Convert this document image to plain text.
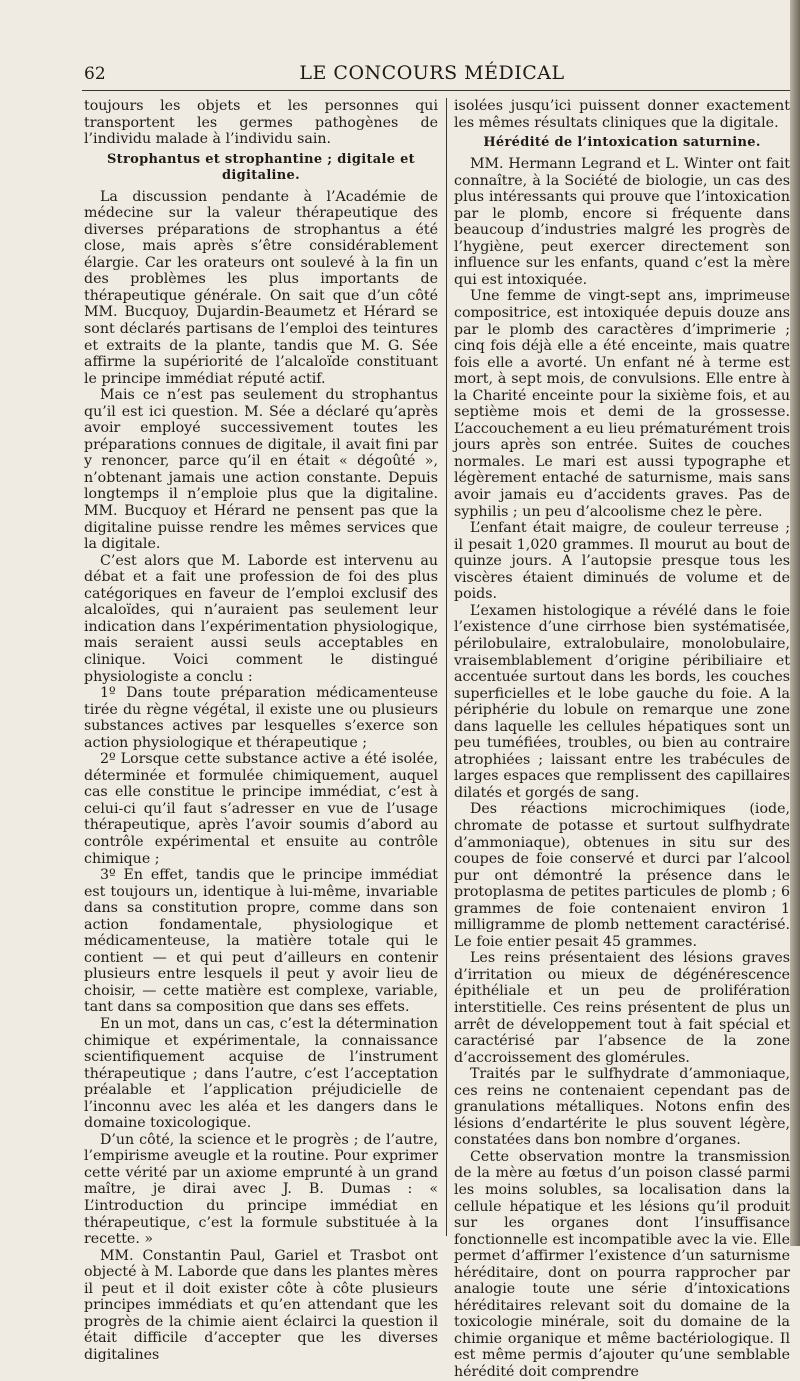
62	LE CONCOURS MÉDICAL

toujours les objets et les personnes qui transportent les germes pathogènes de l’individu malade à l’individu sain.

Strophantus et strophantine ; digitale et digitaline.

La discussion pendante à l’Académie de médecine sur la valeur thérapeutique des diverses préparations de strophantus a été close, mais après s’être considérablement élargie. Car les orateurs ont soulevé à la fin un des problèmes les plus importants de thérapeutique générale. On sait que d’un côté MM. Bucquoy, Dujardin-Beaumetz et Hérard se sont déclarés partisans de l’emploi des teintures et extraits de la plante, tandis que M. G. Sée affirme la supériorité de l’alcaloïde constituant le principe immédiat réputé actif.

Mais ce n’est pas seulement du strophantus qu’il est ici question. M. Sée a déclaré qu’après avoir employé successivement toutes les préparations connues de digitale, il avait fini par y renoncer, parce qu’il en était « dégoûté », n’obtenant jamais une action constante. Depuis longtemps il n’emploie plus que la digitaline. MM. Bucquoy et Hérard ne pensent pas que la digitaline puisse rendre les mêmes services que la digitale.

C’est alors que M. Laborde est intervenu au débat et a fait une profession de foi des plus catégoriques en faveur de l’emploi exclusif des alcaloïdes, qui n’auraient pas seulement leur indication dans l’expérimentation physiologique, mais seraient aussi seuls acceptables en clinique. Voici comment le distingué physiologiste a conclu :

1º Dans toute préparation médicamenteuse tirée du règne végétal, il existe une ou plusieurs substances actives par lesquelles s’exerce son action physiologique et thérapeutique ;

2º Lorsque cette substance active a été isolée, déterminée et formulée chimiquement, auquel cas elle constitue le principe immédiat, c’est à celui-ci qu’il faut s’adresser en vue de l’usage thérapeutique, après l’avoir soumis d’abord au contrôle expérimental et ensuite au contrôle chimique ;

3º En effet, tandis que le principe immédiat est toujours un, identique à lui-même, invariable dans sa constitution propre, comme dans son action fondamentale, physiologique et médicamenteuse, la matière totale qui le contient — et qui peut d’ailleurs en contenir plusieurs entre lesquels il peut y avoir lieu de choisir, — cette matière est complexe, variable, tant dans sa composition que dans ses effets.

En un mot, dans un cas, c’est la détermination chimique et expérimentale, la connaissance scientifiquement acquise de l’instrument thérapeutique ; dans l’autre, c’est l’acceptation préalable et l’application préjudicielle de l’inconnu avec les aléa et les dangers dans le domaine toxicologique.

D’un côté, la science et le progrès ; de l’autre, l’empirisme aveugle et la routine. Pour exprimer cette vérité par un axiome emprunté à un grand maître, je dirai avec J. B. Dumas : « L’introduction du principe immédiat en thérapeutique, c’est la formule substituée à la recette. »

MM. Constantin Paul, Gariel et Trasbot ont objecté à M. Laborde que dans les plantes mères il peut et il doit exister côte à côte plusieurs principes immédiats et qu’en attendant que les progrès de la chimie aient éclairci la question il était difficile d’accepter que les diverses digitalines

isolées jusqu’ici puissent donner exactement les mêmes résultats cliniques que la digitale.

Hérédité de l’intoxication saturnine.

MM. Hermann Legrand et L. Winter ont fait connaître, à la Société de biologie, un cas des plus intéressants qui prouve que l’intoxication par le plomb, encore si fréquente dans beaucoup d’industries malgré les progrès de l’hygiène, peut exercer directement son influence sur les enfants, quand c’est la mère qui est intoxiquée.

Une femme de vingt-sept ans, imprimeuse compositrice, est intoxiquée depuis douze ans par le plomb des caractères d’imprimerie ; cinq fois déjà elle a été enceinte, mais quatre fois elle a avorté. Un enfant né à terme est mort, à sept mois, de convulsions. Elle entre à la Charité enceinte pour la sixième fois, et au septième mois et demi de la grossesse. L’accouchement a eu lieu prématurément trois jours après son entrée. Suites de couches normales. Le mari est aussi typographe et légèrement entaché de saturnisme, mais sans avoir jamais eu d’accidents graves. Pas de syphilis ; un peu d’alcoolisme chez le père.

L’enfant était maigre, de couleur terreuse ; il pesait 1,020 grammes. Il mourut au bout de quinze jours. A l’autopsie presque tous les viscères étaient diminués de volume et de poids.

L’examen histologique a révélé dans le foie l’existence d’une cirrhose bien systématisée, périlobulaire, extralobulaire, monolobulaire, vraisemblablement d’origine péribiliaire et accentuée surtout dans les bords, les couches superficielles et le lobe gauche du foie. A la périphérie du lobule on remarque une zone dans laquelle les cellules hépatiques sont un peu tuméfiées, troubles, ou bien au contraire atrophiées ; laissant entre les trabécules de larges espaces que remplissent des capillaires dilatés et gorgés de sang.

Des réactions microchimiques (iode, chromate de potasse et surtout sulfhydrate d’ammoniaque), obtenues in situ sur des coupes de foie conservé et durci par l’alcool pur ont démontré la présence dans le protoplasma de petites particules de plomb ; 6 grammes de foie contenaient environ 1 milligramme de plomb nettement caractérisé. Le foie entier pesait 45 grammes.

Les reins présentaient des lésions graves d’irritation ou mieux de dégénérescence épithéliale et un peu de prolifération interstitielle. Ces reins présentent de plus un arrêt de développement tout à fait spécial et caractérisé par l’absence de la zone d’accroissement des glomérules.

Traités par le sulfhydrate d’ammoniaque, ces reins ne contenaient cependant pas de granulations métalliques. Notons enfin des lésions d’endartérite le plus souvent légère, constatées dans bon nombre d’organes.

Cette observation montre la transmission de la mère au fœtus d’un poison classé parmi les moins solubles, sa localisation dans la cellule hépatique et les lésions qu’il produit sur les organes dont l’insuffisance fonctionnelle est incompatible avec la vie. Elle permet d’affirmer l’existence d’un saturnisme héréditaire, dont on pourra rapprocher par analogie toute une série d’intoxications héréditaires relevant soit du domaine de la toxicologie minérale, soit du domaine de la chimie organique et même bactériologique. Il est même permis d’ajouter qu’une semblable hérédité doit comprendre
